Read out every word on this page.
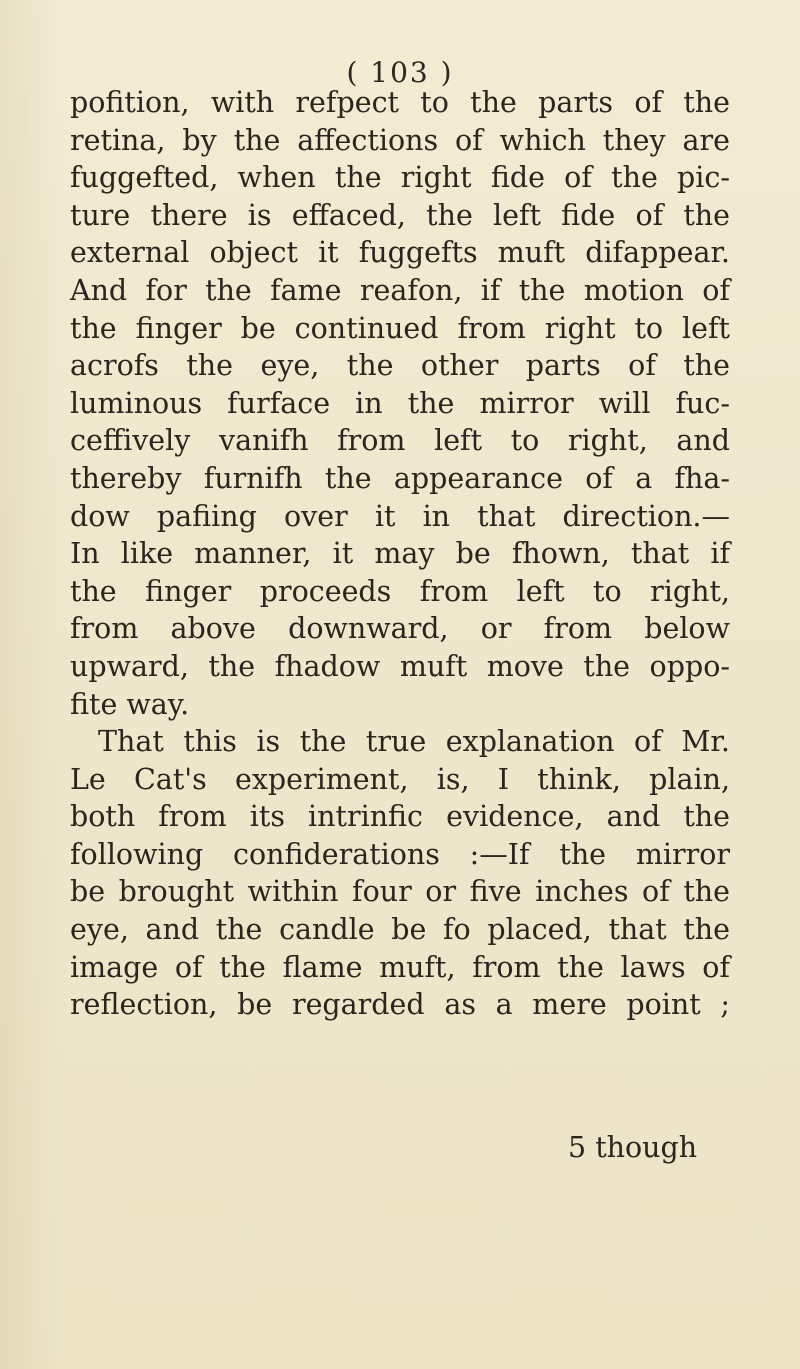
( 103 )
pofition, with refpect to the parts of the
retina, by the affections of which they are
fuggefted, when the right fide of the pic-
ture there is effaced, the left fide of the
external object it fuggefts muft difappear.
And for the fame reafon, if the motion of
the finger be continued from right to left
acrofs the eye, the other parts of the
luminous furface in the mirror will fuc-
ceffively vanifh from left to right, and
thereby furnifh the appearance of a fha-
dow pafiing over it in that direction.—
In like manner, it may be fhown, that if
the finger proceeds from left to right,
from above downward, or from below
upward, the fhadow muft move the oppo-
fite way.
That this is the true explanation of Mr.
Le Cat's experiment, is, I think, plain,
both from its intrinfic evidence, and the
following confiderations :—If the mirror
be brought within four or five inches of the
eye, and the candle be fo placed, that the
image of the flame muft, from the laws of
reflection, be regarded as a mere point ;
5 though
